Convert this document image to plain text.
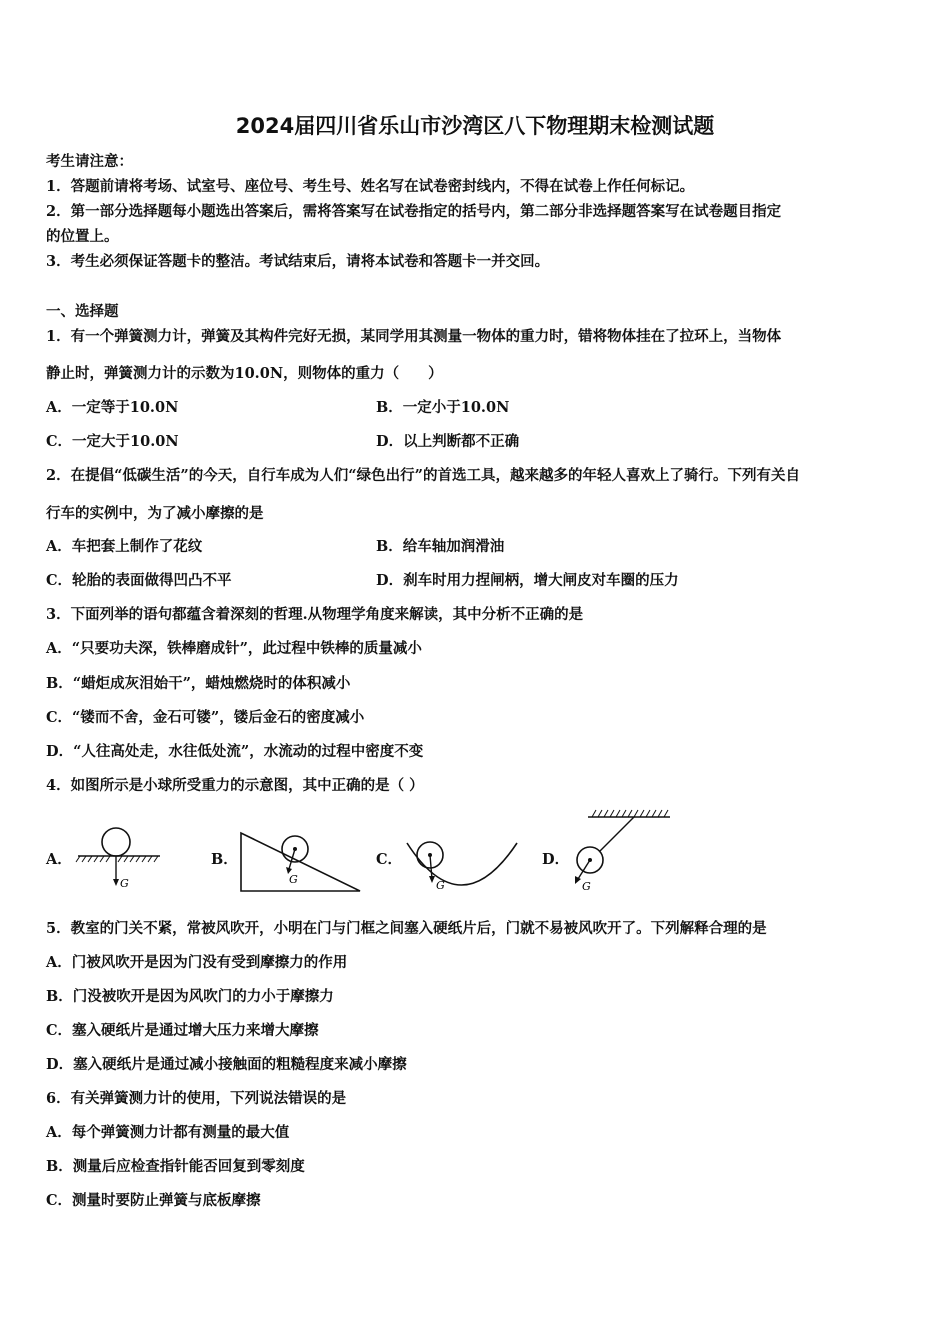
2024届四川省乐山市沙湾区八下物理期末检测试题
考生请注意：
1．答题前请将考场、试室号、座位号、考生号、姓名写在试卷密封线内，不得在试卷上作任何标记。
2．第一部分选择题每小题选出答案后，需将答案写在试卷指定的括号内，第二部分非选择题答案写在试卷题目指定
的位置上。
3．考生必须保证答题卡的整洁。考试结束后，请将本试卷和答题卡一并交回。
一、选择题
1．有一个弹簧测力计，弹簧及其构件完好无损，某同学用其测量一物体的重力时，错将物体挂在了拉环上，当物体
静止时，弹簧测力计的示数为10.0N，则物体的重力（　　）
A．一定等于10.0N	B．一定小于10.0N
C．一定大于10.0N	D．以上判断都不正确
2．在提倡“低碳生活”的今天，自行车成为人们“绿色出行”的首选工具，越来越多的年轻人喜欢上了骑行。下列有关自
行车的实例中，为了减小摩擦的是
A．车把套上制作了花纹	B．给车轴加润滑油
C．轮胎的表面做得凹凸不平	D．刹车时用力捏闸柄，增大闸皮对车圈的压力
3．下面列举的语句都蕴含着深刻的哲理.从物理学角度来解读，其中分析不正确的是
A．“只要功夫深，铁棒磨成针”，此过程中铁棒的质量减小
B．“蜡炬成灰泪始干”，蜡烛燃烧时的体积减小
C．“镂而不舍，金石可镂”，镂后金石的密度减小
D．“人往高处走，水往低处流”，水流动的过程中密度不变
4．如图所示是小球所受重力的示意图，其中正确的是（ ）
A．
G
B．
G
C．
G
D．
G
5．教室的门关不紧，常被风吹开，小明在门与门框之间塞入硬纸片后，门就不易被风吹开了。下列解释合理的是
A．门被风吹开是因为门没有受到摩擦力的作用
B．门没被吹开是因为风吹门的力小于摩擦力
C．塞入硬纸片是通过增大压力来增大摩擦
D．塞入硬纸片是通过减小接触面的粗糙程度来减小摩擦
6．有关弹簧测力计的使用，下列说法错误的是
A．每个弹簧测力计都有测量的最大值
B．测量后应检查指针能否回复到零刻度
C．测量时要防止弹簧与底板摩擦
